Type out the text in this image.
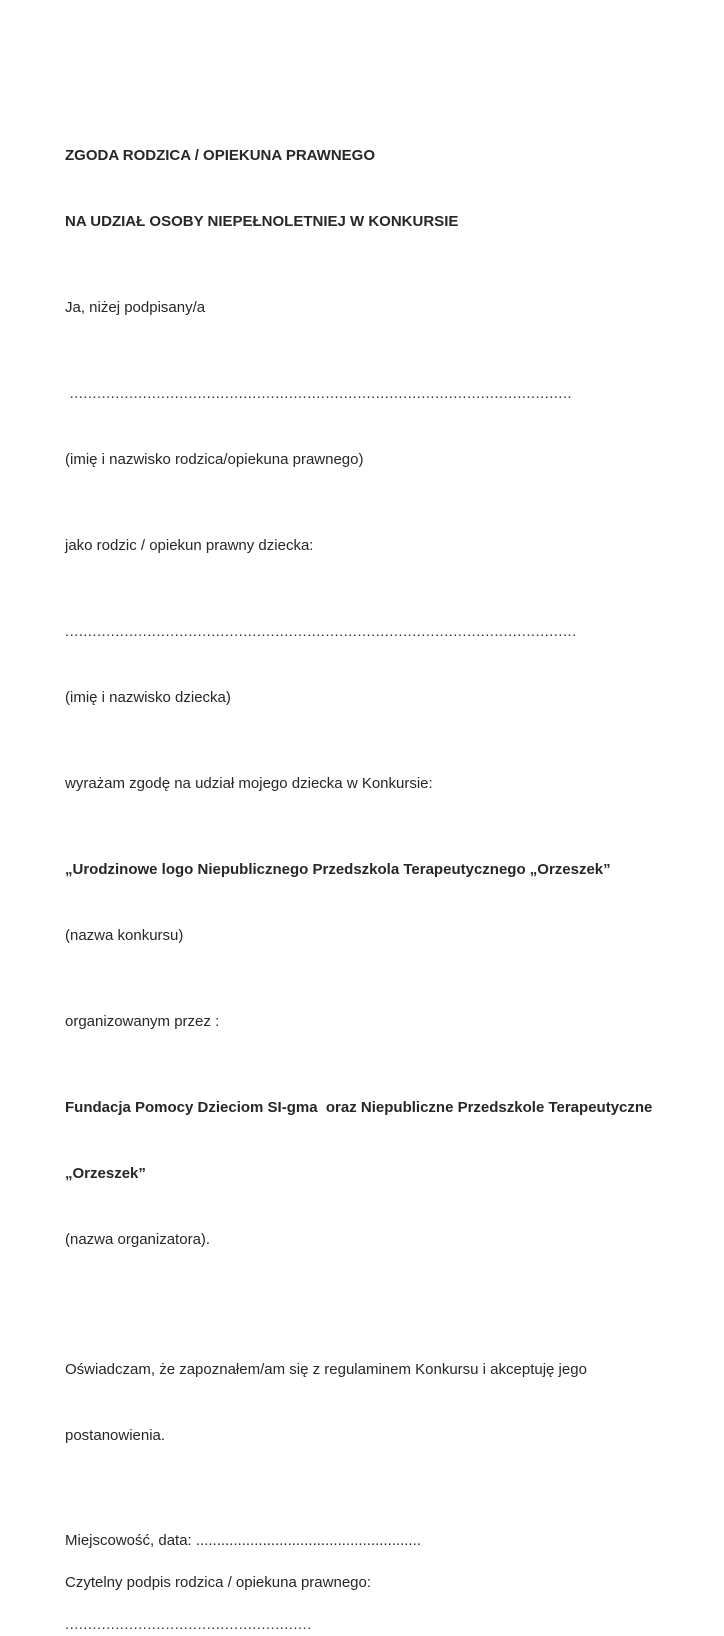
ZGODA RODZICA / OPIEKUNA PRAWNEGO

NA UDZIAŁ OSOBY NIEPEŁNOLETNIEJ W KONKURSIE

Ja, niżej podpisany/a

..............................................................................................................

(imię i nazwisko rodzica/opiekuna prawnego)

jako rodzic / opiekun prawny dziecka:

................................................................................................................

(imię i nazwisko dziecka)

wyrażam zgodę na udział mojego dziecka w Konkursie:

„Urodzinowe logo Niepublicznego Przedszkola Terapeutycznego „Orzeszek”

(nazwa konkursu)

organizowanym przez :

Fundacja Pomocy Dzieciom SI-gma  oraz Niepubliczne Przedszkole Terapeutyczne

„Orzeszek”

(nazwa organizatora).

Oświadczam, że zapoznałem/am się z regulaminem Konkursu i akceptuję jego

postanowienia.

Miejscowość, data: ......................................................
Czytelny podpis rodzica / opiekuna prawnego:
......................................................
